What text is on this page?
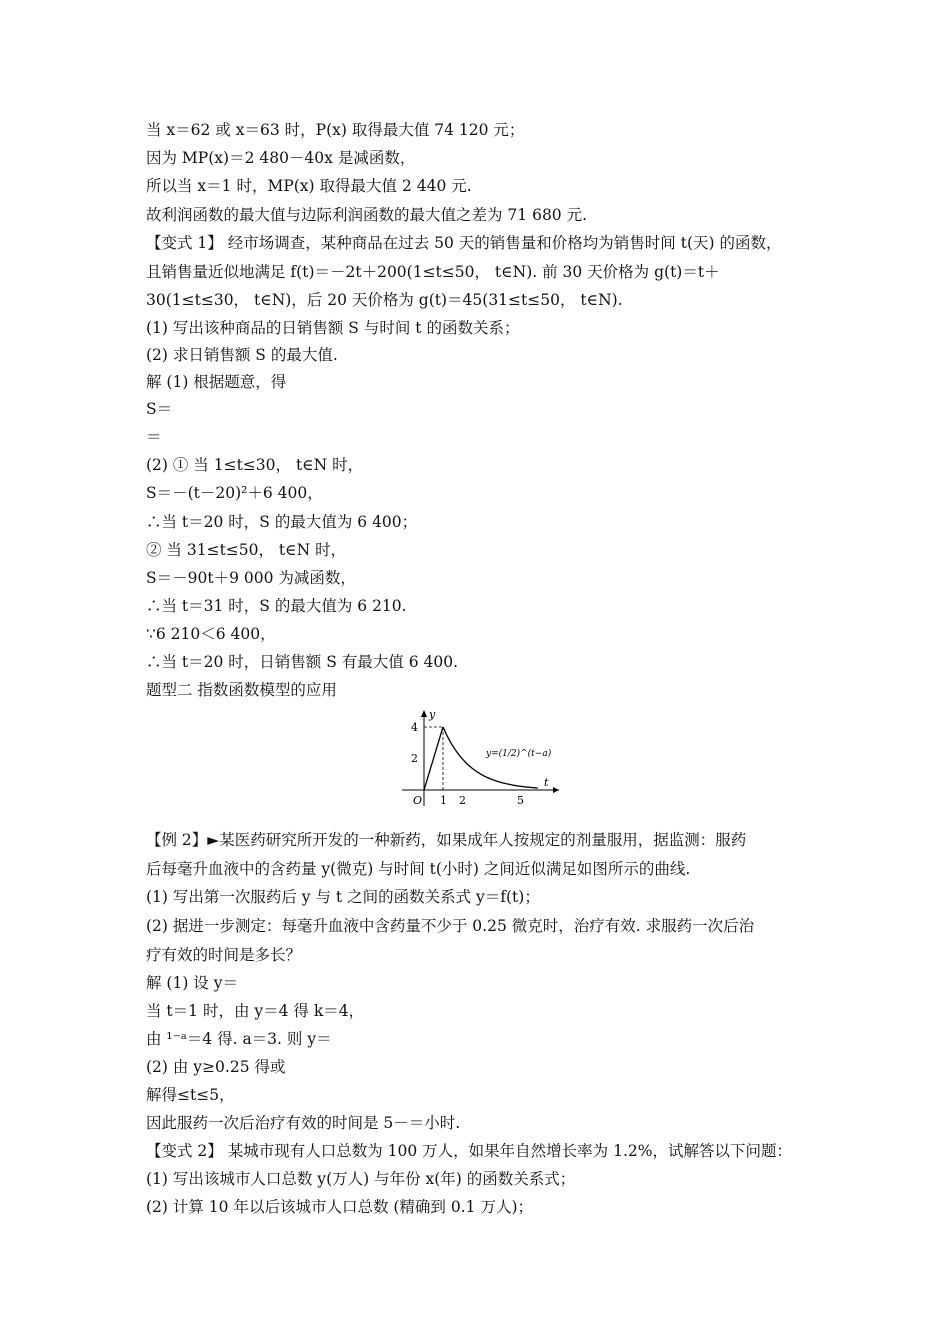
当 x＝62 或 x＝63 时，P(x) 取得最大值 74 120 元；
因为 MP(x)＝2 480－40x 是减函数，
所以当 x＝1 时，MP(x) 取得最大值 2 440 元.
故利润函数的最大值与边际利润函数的最大值之差为 71 680 元.
【变式 1】 经市场调查，某种商品在过去 50 天的销售量和价格均为销售时间 t(天) 的函数，
且销售量近似地满足 f(t)＝－2t＋200(1≤t≤50， t∈N). 前 30 天价格为 g(t)＝t＋
30(1≤t≤30， t∈N)，后 20 天价格为 g(t)＝45(31≤t≤50， t∈N).
(1) 写出该种商品的日销售额 S 与时间 t 的函数关系；
(2) 求日销售额 S 的最大值.
解 (1) 根据题意，得
S＝
＝
(2) ① 当 1≤t≤30， t∈N 时，
S＝－(t－20)²＋6 400，
∴当 t＝20 时，S 的最大值为 6 400；
② 当 31≤t≤50， t∈N 时，
S＝－90t＋9 000 为减函数，
∴当 t＝31 时，S 的最大值为 6 210.
∵6 210＜6 400，
∴当 t＝20 时，日销售额 S 有最大值 6 400.
题型二 指数函数模型的应用
y
t
O
4
2
1 2	5
y=(1/2)^(t−a)
【例 2】►某医药研究所开发的一种新药，如果成年人按规定的剂量服用，据监测：服药
后每毫升血液中的含药量 y(微克) 与时间 t(小时) 之间近似满足如图所示的曲线.
(1) 写出第一次服药后 y 与 t 之间的函数关系式 y＝f(t)；
(2) 据进一步测定：每毫升血液中含药量不少于 0.25 微克时，治疗有效. 求服药一次后治
疗有效的时间是多长？
解 (1) 设 y＝
当 t＝1 时，由 y＝4 得 k＝4，
由 ¹⁻ᵃ＝4 得. a＝3. 则 y＝
(2) 由 y≥0.25 得或
解得≤t≤5，
因此服药一次后治疗有效的时间是 5－＝小时.
【变式 2】 某城市现有人口总数为 100 万人，如果年自然增长率为 1.2%，试解答以下问题：
(1) 写出该城市人口总数 y(万人) 与年份 x(年) 的函数关系式；
(2) 计算 10 年以后该城市人口总数 (精确到 0.1 万人)；
